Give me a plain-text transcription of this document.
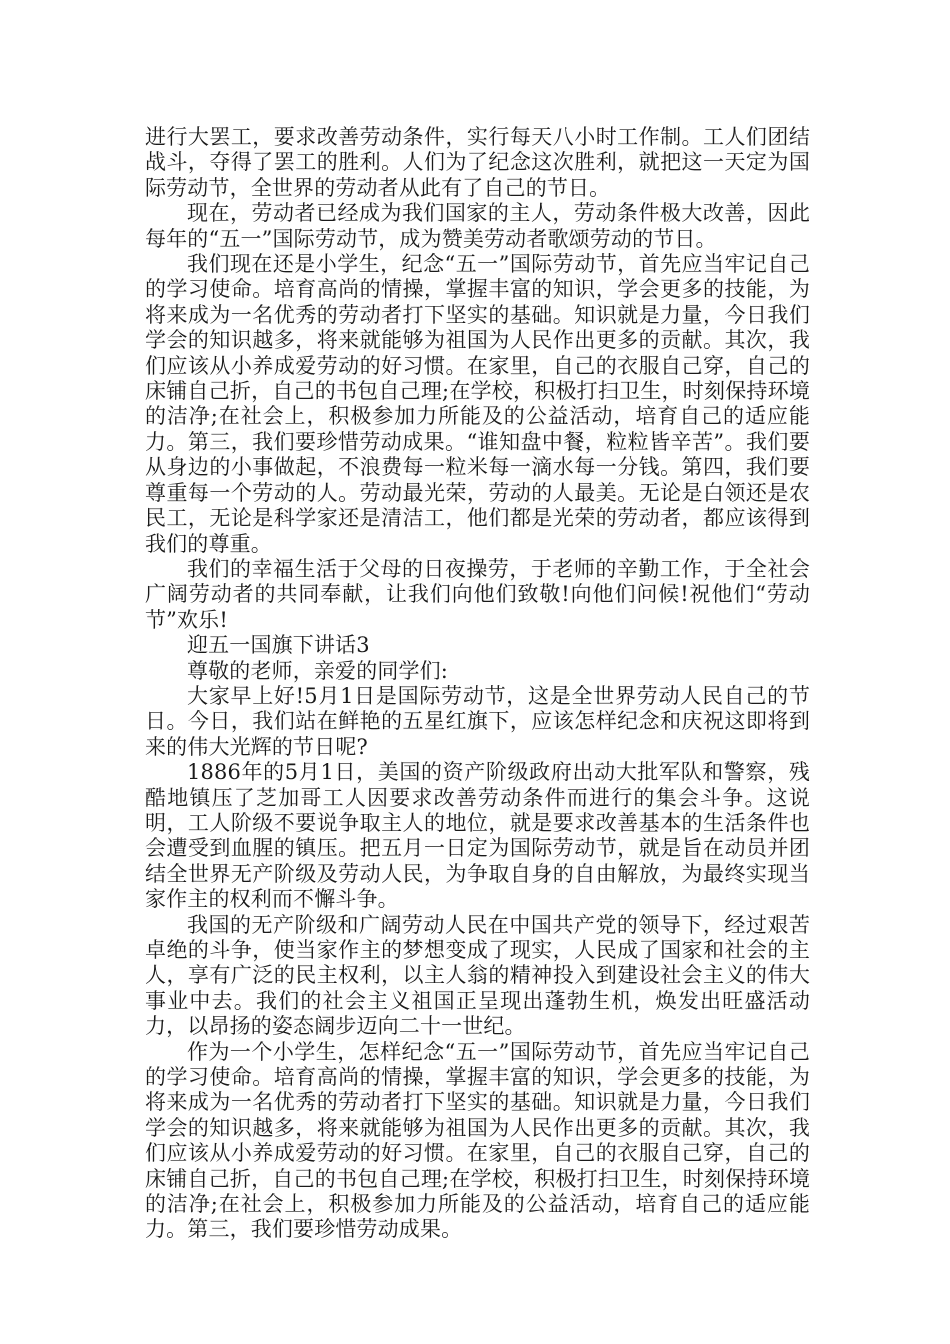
进行大罢工，要求改善劳动条件，实行每天八小时工作制。工人们团结战斗，夺得了罢工的胜利。人们为了纪念这次胜利，就把这一天定为国际劳动节，全世界的劳动者从此有了自己的节日。

现在，劳动者已经成为我们国家的主人，劳动条件极大改善，因此每年的“五一”国际劳动节，成为赞美劳动者歌颂劳动的节日。

我们现在还是小学生，纪念“五一”国际劳动节，首先应当牢记自己的学习使命。培育高尚的情操，掌握丰富的知识，学会更多的技能，为将来成为一名优秀的劳动者打下坚实的基础。知识就是力量，今日我们学会的知识越多，将来就能够为祖国为人民作出更多的贡献。其次，我们应该从小养成爱劳动的好习惯。在家里，自己的衣服自己穿，自己的床铺自己折，自己的书包自己理;在学校，积极打扫卫生，时刻保持环境的洁净;在社会上，积极参加力所能及的公益活动，培育自己的适应能力。第三，我们要珍惜劳动成果。“谁知盘中餐，粒粒皆辛苦”。我们要从身边的小事做起，不浪费每一粒米每一滴水每一分钱。第四，我们要尊重每一个劳动的人。劳动最光荣，劳动的人最美。无论是白领还是农民工，无论是科学家还是清洁工，他们都是光荣的劳动者，都应该得到我们的尊重。

我们的幸福生活于父母的日夜操劳，于老师的辛勤工作，于全社会广阔劳动者的共同奉献，让我们向他们致敬!向他们问候!祝他们“劳动节”欢乐!

迎五一国旗下讲话3

尊敬的老师，亲爱的同学们:

大家早上好!5月1日是国际劳动节，这是全世界劳动人民自己的节日。今日，我们站在鲜艳的五星红旗下，应该怎样纪念和庆祝这即将到来的伟大光辉的节日呢?

1886年的5月1日，美国的资产阶级政府出动大批军队和警察，残酷地镇压了芝加哥工人因要求改善劳动条件而进行的集会斗争。这说明，工人阶级不要说争取主人的地位，就是要求改善基本的生活条件也会遭受到血腥的镇压。把五月一日定为国际劳动节，就是旨在动员并团结全世界无产阶级及劳动人民，为争取自身的自由解放，为最终实现当家作主的权利而不懈斗争。

我国的无产阶级和广阔劳动人民在中国共产党的领导下，经过艰苦卓绝的斗争，使当家作主的梦想变成了现实，人民成了国家和社会的主人，享有广泛的民主权利，以主人翁的精神投入到建设社会主义的伟大事业中去。我们的社会主义祖国正呈现出蓬勃生机，焕发出旺盛活动力，以昂扬的姿态阔步迈向二十一世纪。

作为一个小学生，怎样纪念“五一”国际劳动节，首先应当牢记自己的学习使命。培育高尚的情操，掌握丰富的知识，学会更多的技能，为将来成为一名优秀的劳动者打下坚实的基础。知识就是力量，今日我们学会的知识越多，将来就能够为祖国为人民作出更多的贡献。其次，我们应该从小养成爱劳动的好习惯。在家里，自己的衣服自己穿，自己的床铺自己折，自己的书包自己理;在学校，积极打扫卫生，时刻保持环境的洁净;在社会上，积极参加力所能及的公益活动，培育自己的适应能力。第三，我们要珍惜劳动成果。
